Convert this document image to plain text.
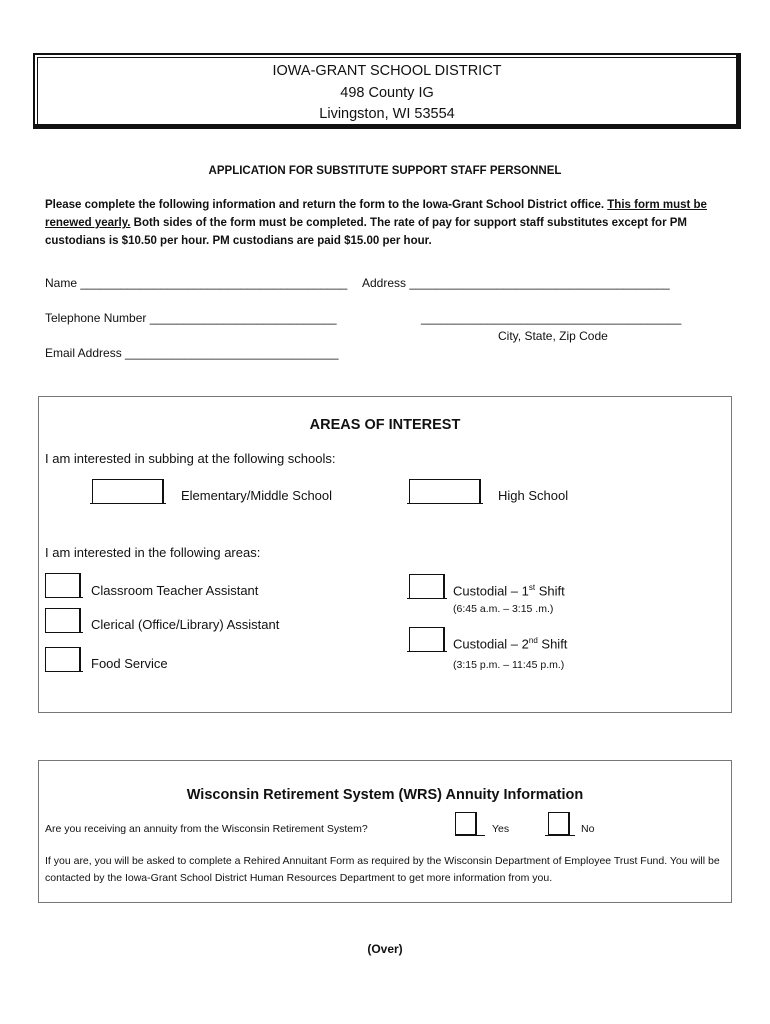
IOWA-GRANT SCHOOL DISTRICT
498 County IG
Livingston, WI 53554
APPLICATION FOR SUBSTITUTE SUPPORT STAFF PERSONNEL
Please complete the following information and return the form to the Iowa-Grant School District office. This form must be renewed yearly. Both sides of the form must be completed. The rate of pay for support staff substitutes except for PM custodians is $10.50 per hour. PM custodians are paid $15.00 per hour.
Name ________________________________________ Address _______________________________________
Telephone Number ____________________________	_______________________________________
City, State, Zip Code
Email Address ________________________________
AREAS OF INTEREST
I am interested in subbing at the following schools:
Elementary/Middle School	High School
I am interested in the following areas:
Classroom Teacher Assistant
Clerical (Office/Library) Assistant
Food Service
Custodial – 1st Shift
(6:45 a.m. – 3:15 .m.)
Custodial – 2nd Shift
(3:15 p.m. – 11:45 p.m.)
Wisconsin Retirement System (WRS) Annuity Information
Are you receiving an annuity from the Wisconsin Retirement System?	Yes	No
If you are, you will be asked to complete a Rehired Annuitant Form as required by the Wisconsin Department of Employee Trust Fund. You will be contacted by the Iowa-Grant School District Human Resources Department to get more information from you.
(Over)
